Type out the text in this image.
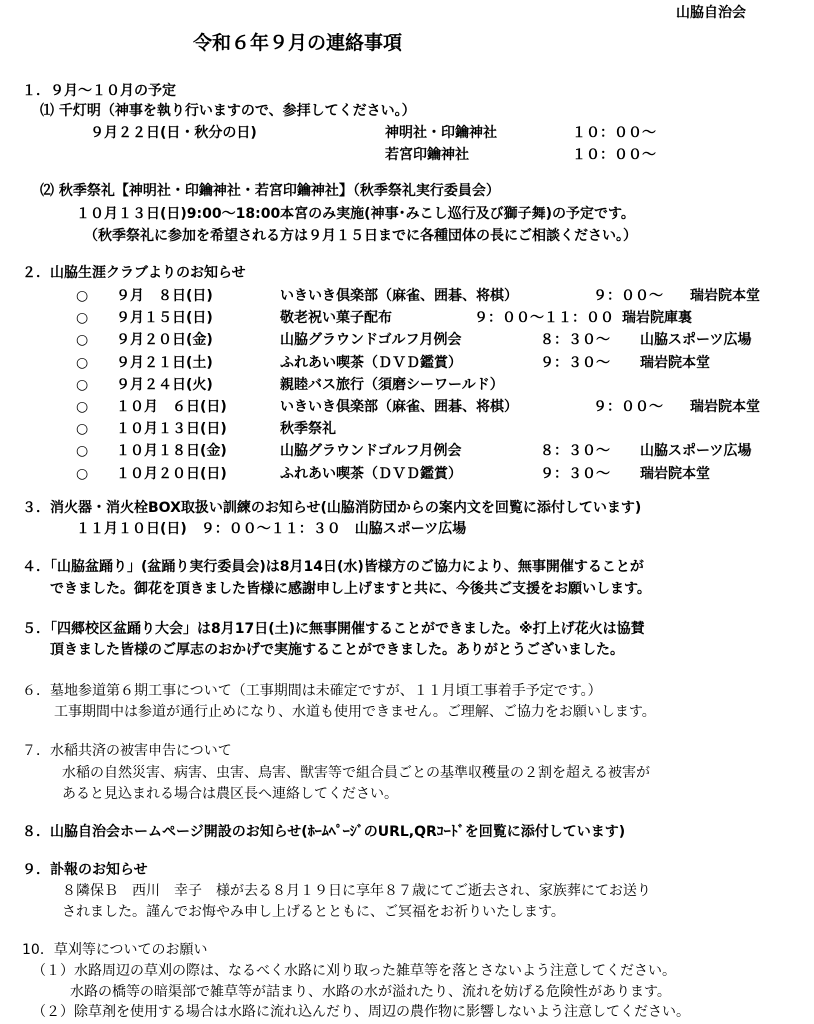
山脇自治会
令和６年９月の連絡事項
１．９月～１０月の予定
⑴ 千灯明（神事を執り行いますので、参拝してください。）
９月２２日(日・秋分の日)	神明社・印鑰神社	１０：００～
若宮印鑰神社	１０：００～
⑵ 秋季祭礼【神明社・印鑰神社・若宮印鑰神社】（秋季祭礼実行委員会）
１０月１３日(日)9:00～18:00本宮のみ実施(神事･みこし巡行及び獅子舞)の予定です。
（秋季祭礼に参加を希望される方は９月１５日までに各種団体の長にご相談ください。）
２．山脇生涯クラブよりのお知らせ
○ ９月　８日(日)	いきいき倶楽部（麻雀、囲碁、将棋）	９：００～ 瑞岩院本堂
○ ９月１５日(日)	敬老祝い菓子配布	９：００～１１：００ 瑞岩院庫裏
○ ９月２０日(金)	山脇グラウンドゴルフ月例会	８：３０～ 山脇スポーツ広場
○ ９月２１日(土)	ふれあい喫茶（ＤＶＤ鑑賞）	９：３０～ 瑞岩院本堂
○ ９月２４日(火)	親睦バス旅行（須磨シーワールド）
○ １０月　６日(日)	いきいき倶楽部（麻雀、囲碁、将棋）	９：００～ 瑞岩院本堂
○ １０月１３日(日)	秋季祭礼
○ １０月１８日(金)	山脇グラウンドゴルフ月例会	８：３０～ 山脇スポーツ広場
○ １０月２０日(日)	ふれあい喫茶（ＤＶＤ鑑賞）	９：３０～ 瑞岩院本堂
３．消火器・消火栓BOX取扱い訓練のお知らせ(山脇消防団からの案内文を回覧に添付しています)
１１月１０日(日)　９：００～１１：３０　山脇スポーツ広場
４．「山脇盆踊り」(盆踊り実行委員会)は8月14日(水)皆様方のご協力により、無事開催することが
できました。御花を頂きました皆様に感謝申し上げますと共に、今後共ご支援をお願いします。
５．「四郷校区盆踊り大会」は8月17日(土)に無事開催することができました。※打上げ花火は協賛
頂きました皆様のご厚志のおかげで実施することができました。ありがとうございました。
６．墓地参道第６期工事について（工事期間は未確定ですが、１１月頃工事着手予定です。）
工事期間中は参道が通行止めになり、水道も使用できません。ご理解、ご協力をお願いします。
７．水稲共済の被害申告について
水稲の自然災害、病害、虫害、鳥害、獣害等で組合員ごとの基準収穫量の２割を超える被害が
あると見込まれる場合は農区長へ連絡してください。
８．山脇自治会ホームページ開設のお知らせ(ﾎｰﾑﾍﾟｰｼﾞのURL,QRｺｰﾄﾞを回覧に添付しています)
９．訃報のお知らせ
８隣保Ｂ　西川　幸子　様が去る８月１９日に享年８７歳にてご逝去され、家族葬にてお送り
されました。謹んでお悔やみ申し上げるとともに、ご冥福をお祈りいたします。
10．草刈等についてのお願い
（１）水路周辺の草刈の際は、なるべく水路に刈り取った雑草等を落とさないよう注意してください。
水路の橋等の暗渠部で雑草等が詰まり、水路の水が溢れたり、流れを妨げる危険性があります。
（２）除草剤を使用する場合は水路に流れ込んだり、周辺の農作物に影響しないよう注意してください。
